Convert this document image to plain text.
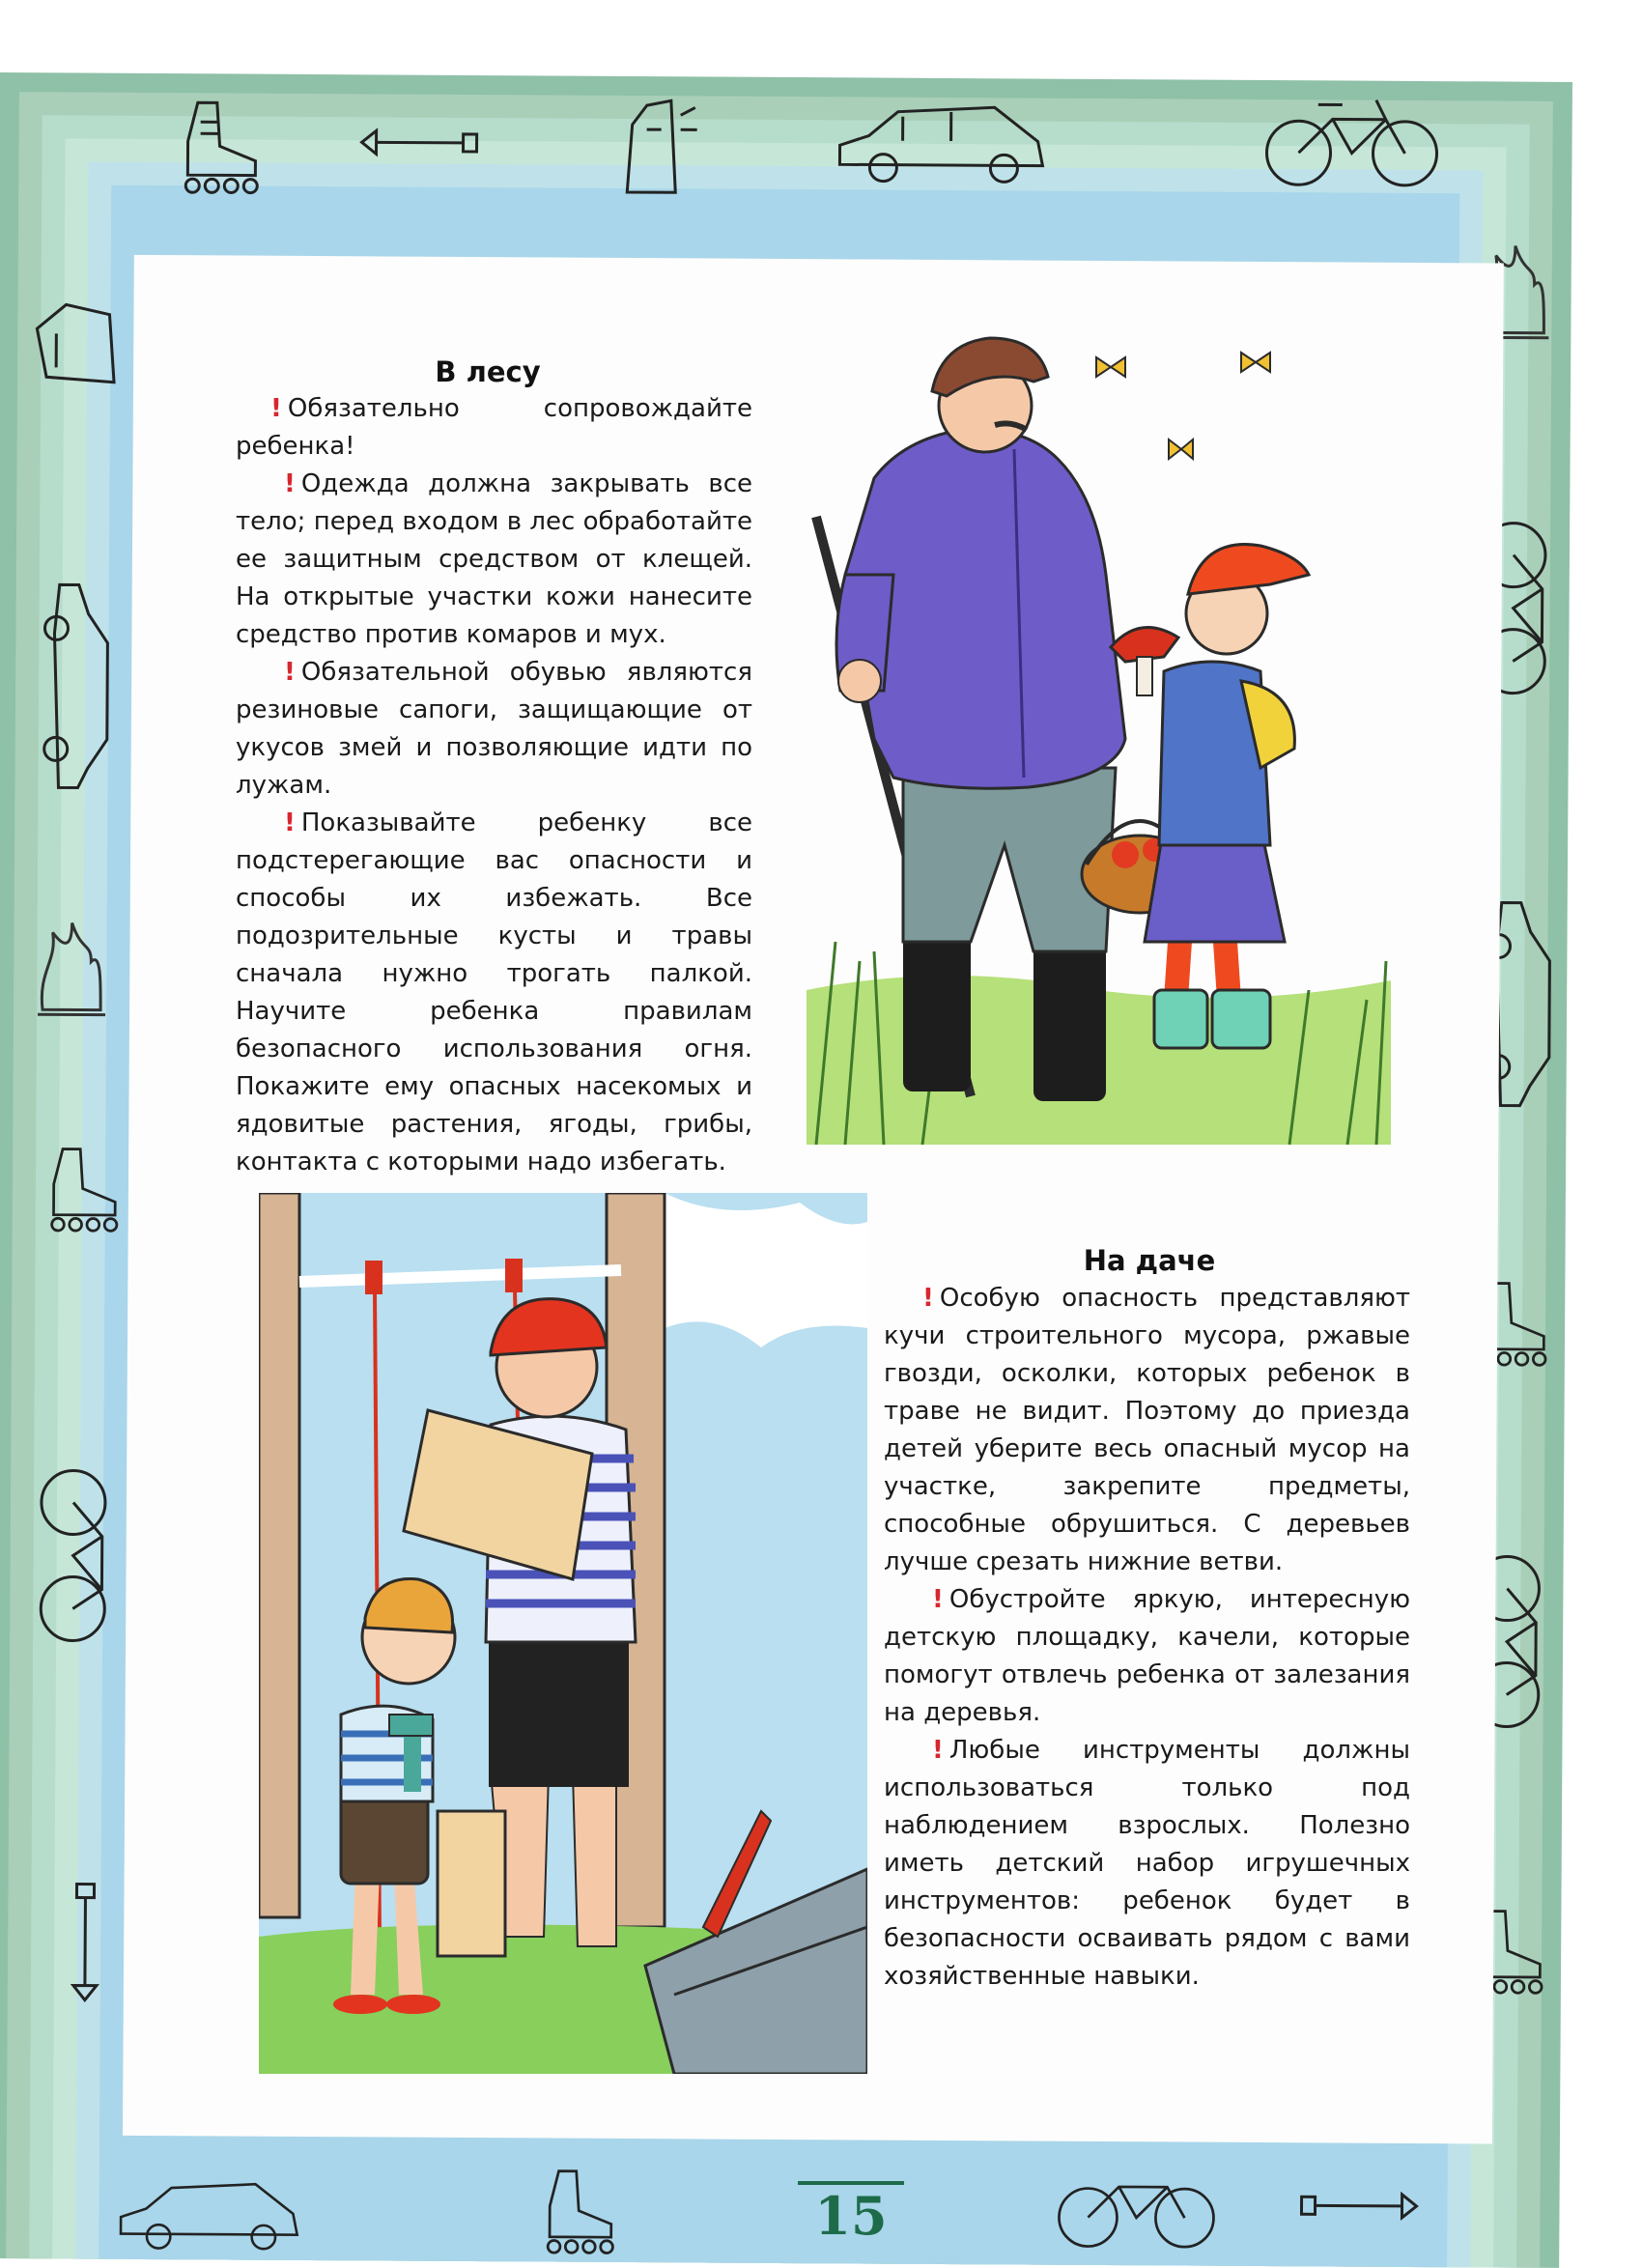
В лесу

! Обязательно сопровождайте ребенка!

! Одежда должна закрывать все тело; перед входом в лес обработайте ее защитным средством от клещей. На открытые участки кожи нанесите средство против комаров и мух.

! Обязательной обувью являются резиновые сапоги, защищающие от укусов змей и позволяющие идти по лужам.

! Показывайте ребенку все подстерегающие вас опасности и способы их избежать. Все подозрительные кусты и травы сначала нужно трогать палкой. Научите ребенка правилам безопасного использования огня. Покажите ему опасных насекомых и ядовитые растения, ягоды, грибы, контакта с которыми надо избегать.

На даче

! Особую опасность представляют кучи строительного мусора, ржавые гвозди, осколки, которых ребенок в траве не видит. Поэтому до приезда детей уберите весь опасный мусор на участке, закрепите предметы, способные обрушиться. С деревьев лучше срезать нижние ветви.

! Обустройте яркую, интересную детскую площадку, качели, которые помогут отвлечь ребенка от залезания на деревья.

! Любые инструменты должны использоваться только под наблюдением взрослых. Полезно иметь детский набор игрушечных инструментов: ребенок будет в безопасности осваивать рядом с вами хозяйственные навыки.

15
